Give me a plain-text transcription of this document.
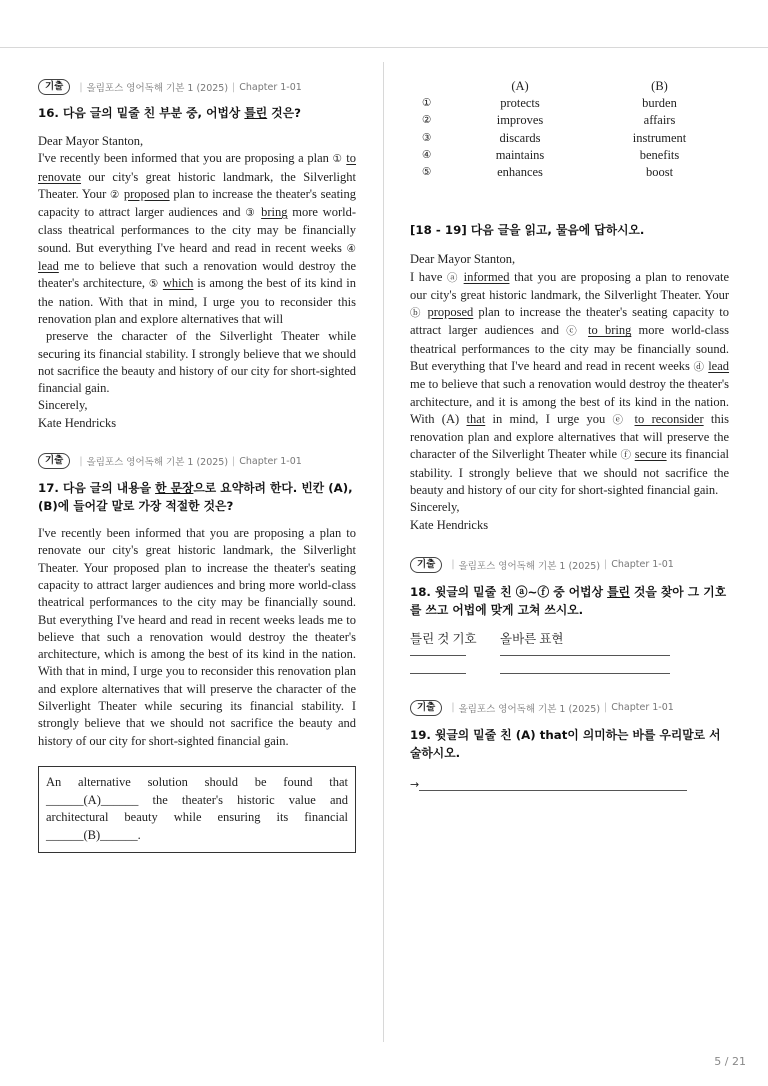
기출	| 올림포스 영어독해 기본 1 (2025) | Chapter 1-01
16. 다음 글의 밑줄 친 부분 중, 어법상 틀린 것은?

Dear Mayor Stanton,

I've recently been informed that you are proposing a plan ① to renovate our city's great historic landmark, the Silverlight Theater. Your ② proposed plan to increase the theater's seating capacity to attract larger audiences and ③ bring more world-class theatrical performances to the city may be financially sound. But everything I've heard and read in recent weeks ④ lead me to believe that such a renovation would destroy the theater's architecture, ⑤ which is among the best of its kind in the nation. With that in mind, I urge you to reconsider this renovation plan and explore alternatives that will

preserve the character of the Silverlight Theater while securing its financial stability. I strongly believe that we should not sacrifice the beauty and history of our city for short-sighted financial gain.

Sincerely,

Kate Hendricks

기출	| 올림포스 영어독해 기본 1 (2025) | Chapter 1-01
17. 다음 글의 내용을 한 문장으로 요약하려 한다. 빈칸 (A), (B)에 들어갈 말로 가장 적절한 것은?
I've recently been informed that you are proposing a plan to renovate our city's great historic landmark, the Silverlight Theater. Your proposed plan to increase the theater's seating capacity to attract larger audiences and bring more world-class theatrical performances to the city may be financially sound. But everything I've heard and read in recent weeks leads me to believe that such a renovation would destroy the theater's architecture, which is among the best of its kind in the nation. With that in mind, I urge you to reconsider this renovation plan and explore alternatives that will preserve the character of the Silverlight Theater while securing its financial stability. I strongly believe that we should not sacrifice the beauty and history of our city for short-sighted financial gain.
An alternative solution should be found that ______(A)______ the theater's historic value and architectural beauty while ensuring its financial ______(B)______.
	(A)	(B)
①	protects	burden
②	improves	affairs
③	discards	instrument
④	maintains	benefits
⑤	enhances	boost
[18 - 19] 다음 글을 읽고, 물음에 답하시오.

Dear Mayor Stanton,

I have ⓐ informed that you are proposing a plan to renovate our city's great historic landmark, the Silverlight Theater. Your ⓑ proposed plan to increase the theater's seating capacity to attract larger audiences and ⓒ to bring more world-class theatrical performances to the city may be financially sound. But everything that I've heard and read in recent weeks ⓓ lead me to believe that such a renovation would destroy the theater's architecture, and it is among the best of its kind in the nation. With (A) that in mind, I urge you ⓔ to reconsider this renovation plan and explore alternatives that will preserve the character of the Silverlight Theater while ⓕ secure its financial stability. I strongly believe that we should not sacrifice the beauty and history of our city for short-sighted financial gain.

Sincerely,

Kate Hendricks

기출	| 올림포스 영어독해 기본 1 (2025) | Chapter 1-01
18. 윗글의 밑줄 친 ⓐ~ⓕ 중 어법상 틀린 것을 찾아 그 기호를 쓰고 어법에 맞게 고쳐 쓰시오.
틀린 것 기호 올바른 표현
기출	| 올림포스 영어독해 기본 1 (2025) | Chapter 1-01
19. 윗글의 밑줄 친 (A) that이 의미하는 바를 우리말로 서술하시오.
→
5 / 21
